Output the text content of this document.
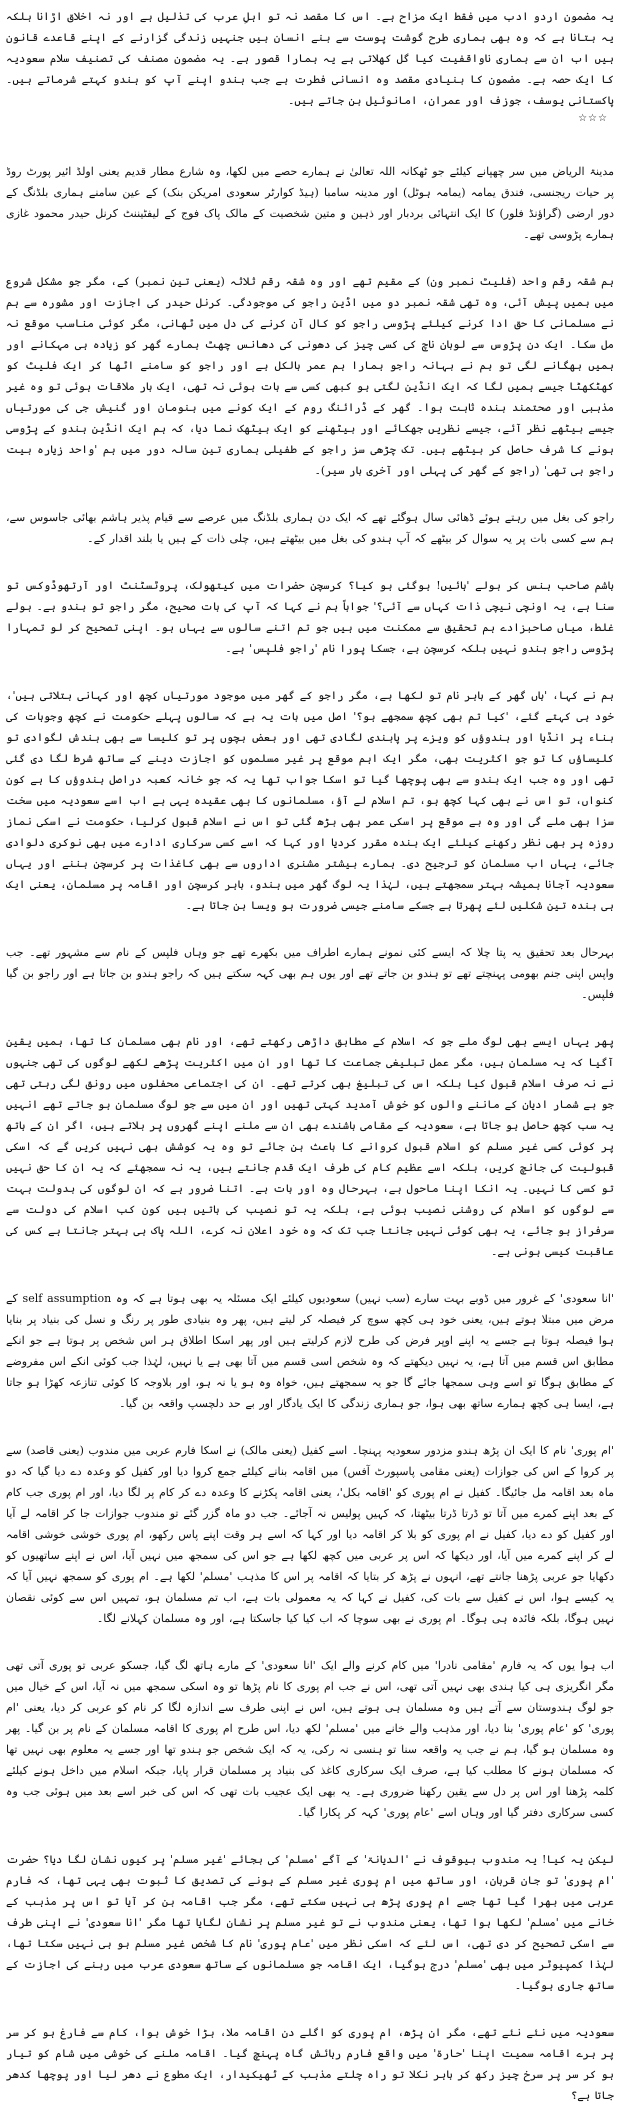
یہ مضمون اردو ادب میں فقط ایک مزاح ہے۔ اس کا مقصد نہ تو اہلِ عرب کی تذلیل ہے اور نہ اخلاق اڑانا بلکہ یہ بتانا ہے کہ وہ بھی ہماری طرح گوشت پوست سے بنے انسان ہیں جنہیں زندگی گزارنے کے اپنے قاعدے قانون ہیں اب ان سے ہماری ناواقفیت کیا گل کھلاتی ہے یہ ہمارا قصور ہے۔ یہ مضمون مصنف کی تصنیف سلام سعودیہ کا ایک حصہ ہے۔ مضمون کا بنیادی مقصد وہ انسانی فطرت ہے جب ہندو اپنے آپ کو ہندو کہتے شرماتے ہیں۔ پاکستانی یوسف، جوزف اور عمران، امانوئیل بن جاتے ہیں۔

☆☆☆

مدینۃ الریاض میں سر چھپانے کیلئے جو ٹھکانہ اللہ تعالیٰ نے ہمارے حصے میں لکھا، وہ شارع مطار قدیم یعنی اولڈ ائیر پورٹ روڈ پر حیات ریجنسی، فندق یمامہ (یمامہ ہوٹل) اور مدینہ سامبا (ہیڈ کوارٹر سعودی امریکن بنک) کے عین سامنے ہماری بلڈنگ کے دور ارضی (گراؤنڈ فلور) کا ایک انتہائی بردبار اور ذہین و متین شخصیت کے مالک پاک فوج کے لیفٹیننٹ کرنل حیدر محمود غازی ہمارے پڑوسی تھے۔

ہم شقہ رقم واحد (فلیٹ نمبر ون) کے مقیم تھے اور وہ شقہ رقم ثلاثہ (یعنی تین نمبر) کے، مگر جو مشکل شروع میں ہمیں پیش آئی، وہ تھی شقہ نمبر دو میں اڈین راجو کی موجودگی۔ کرنل حیدر کی اجازت اور مشورہ سے ہم نے مسلمانی کا حق ادا کرنے کیلئے پڑوسی راجو کو کال آن کرنے کی دل میں ٹھانی، مگر کوئی مناسب موقع نہ مل سکا۔ ایک دن پڑوس سے لوبان ناچ کی کسی چیز کی دھونی کی دھانس چھٹ ہمارے گھر کو زیادہ ہی مہکانے اور ہمیں بھگانے لگی تو ہم نے بہانہ راجو ہمارا ہم عمر بالکل ہے اور راجو کو سامنے اٹھا کر ایک فلیٹ کو کھٹکھٹا جیسے ہمیں لگا کہ ایک انڈین لگتی ہو کبھی کسی سے بات ہوئی نہ تھی، ایک بار ملاقات ہوئی تو وہ غیر مذہبی اور صحتمند بندہ ثابت ہوا۔ گھر کے ڈرائنگ روم کے ایک کونے میں ہنومان اور گنیش جی کی مورتیاں جیسے بیٹھے نظر آئے، جیسے نظریں جھکائے اور بیٹھنے کو ایک بیٹھک نما دیا، کہ ہم ایک انڈین ہندو کے پڑوسی ہونے کا شرف حاصل کر بیٹھے ہیں۔ تک چڑھی سز راجو کے طفیلی ہماری تین سالہ دور میں ہم 'واحد زیارہ بیت راجو ہی تھی' (راجو کے گھر کی پہلی اور آخری بار سیر)۔

راجو کی بغل میں رہتے ہوئے ڈھائی سال ہوگئے تھے کہ ایک دن ہماری بلڈنگ میں عرصے سے قیام پذیر ہاشم بھائی جاسوس سے، ہم سے کسی بات پر یہ سوال کر بیٹھے کہ آپ ہندو کی بغل میں بیٹھتے ہیں، چلی ذات کے ہیں یا بلند اقدار کے۔

ہاشم صاحب ہنس کر بولے 'ہائیں! ہوگئی ہو کیا؟ کرسچن حضرات میں کیتھولک، پروٹسٹنٹ اور آرتھوڈوکس تو سنا ہے، یہ اونچی نیچی ذات کہاں سے آئی؟' جواباً ہم نے کہا کہ آپ کی بات صحیح، مگر راجو تو ہندو ہے۔ بولے غلط، میاں صاحبزادے ہم تحقیق سے ممکنت میں ہیں جو تم اتنے سالوں سے یہاں ہو۔ اپنی تصحیح کر لو تمہارا پڑوسی راجو ہندو نہیں بلکہ کرسچن ہے، جسکا پورا نام 'راجو فلپس' ہے۔

ہم نے کہا، 'ہاں گھر کے باہر نام تو لکھا ہے، مگر راجو کے گھر میں موجود مورتیاں کچھ اور کہانی بتلاتی ہیں'، خود ہی کہتے گئے، 'کیا تم بھی کچھ سمجھے ہو؟' اصل میں بات یہ ہے کہ سالوں پہلے حکومت نے کچھ وجوہات کی بناء پر انڈیا اور ہندوؤں کو ویزے پر پابندی لگادی تھی اور بعض بچوں پر تو کلیسا سے بھی بندش لگوادی تو کلیساؤں کا تو جو اکثریت بھی، مگر ایک اہم موقع پر غیر مسلموں کو اجازت دینے کے ساتھ شرط لگا دی گئی تھی اور وہ جب ایک ہندو سے بھی پوچھا گیا تو اسکا جواب تھا یہ کہ جو خانہ کعبہ دراصل ہندوؤں کا ہے کون کنواں، تو اس نے بھی کہا کچھ ہو، تم اسلام لے آؤ، مسلمانوں کا بھی عقیدہ یہی ہے اب اسے سعودیہ میں سخت سزا بھی ملے گی اور وہ بے موقع پر اسکی عمر بھی بڑھ گئی تو اس نے اسلام قبول کرلیا، حکومت نے اسکی نماز روزہ پر بھی نظر رکھنے کیلئے ایک بندہ مقرر کردیا اور کہا کہ اسے کسی سرکاری ادارے میں بھی نوکری دلوادی جائے، یہاں اب مسلمان کو ترجیح دی۔ ہمارے بیشتر مشنری اداروں سے بھی کاغذات پر کرسچن بننے اور یہاں سعودیہ آجانا ہمیشہ بہتر سمجھتے ہیں، لہٰذا یہ لوگ گھر میں ہندو، باہر کرسچن اور اقامہ پر مسلمان، یعنی ایک ہی بندہ تین شکلیں لئے پھرتا ہے جسکے سامنے جیسی ضرورت ہو ویسا بن جاتا ہے۔

بہرحال بعد تحقیق یہ پتا چلا کہ ایسے کئی نمونے ہمارے اطراف میں بکھرے تھے جو وہاں فلپس کے نام سے مشہور تھے۔ جب واپس اپنی جنم بھومی پہنچتے تھے تو ہندو بن جاتے تھے اور یوں ہم بھی کہہ سکتے ہیں کہ راجو ہندو بن جاتا ہے اور راجو بن گیا فلپس۔

پھر یہاں ایسے بھی لوگ ملے جو کہ اسلام کے مطابق داڑھی رکھتے تھے، اور نام بھی مسلمان کا تھا، ہمیں یقین آگیا کہ یہ مسلمان ہیں، مگر عمل تبلیغی جماعت کا تھا اور ان میں اکثریت پڑھے لکھے لوگوں کی تھی جنہوں نے نہ صرف اسلام قبول کیا بلکہ اس کی تبلیغ بھی کرتے تھے۔ ان کی اجتماعی محفلوں میں رونق لگی رہتی تھی جو بے شمار ادیان کے ماننے والوں کو خوش آمدید کہتی تھیں اور ان میں سے جو لوگ مسلمان ہو جاتے تھے انہیں یہ سب کچھ حاصل ہو جاتا ہے، سعودیہ کے مقامی باشندے بھی ان سے ملنے اپنے گھروں پر بلاتے ہیں، اگر ان کے ہاتھ پر کوئی کسی غیر مسلم کو اسلام قبول کروانے کا باعث بن جائے تو وہ یہ کوشش بھی نہیں کریں گے کہ اسکی قبولیت کی جانچ کریں، بلکہ اسے عظیم کام کی طرف ایک قدم جانتے ہیں، یہ نہ سمجھئے کہ یہ ان کا حق نہیں تو کسی کا نہیں۔ یہ انکا اپنا ماحول ہے، بہرحال وہ اور بات ہے۔ اتنا ضرور ہے کہ ان لوگوں کی بدولت بہت سے لوگوں کو اسلام کی روشنی نصیب ہوئی ہے، بلکہ یہ تو نصیب کی باتیں ہیں کون کب اسلام کی دولت سے سرفراز ہو جائے، یہ بھی کوئی نہیں جانتا جب تک کہ وہ خود اعلان نہ کرے، اللہ پاک ہی بہتر جانتا ہے کس کی عاقبت کیسی ہونی ہے۔

'انا سعودی' کے غرور میں ڈوبے بہت سارے (سب نہیں) سعودیوں کیلئے ایک مسئلہ یہ بھی ہوتا ہے کہ وہ self assumption کے مرض میں مبتلا ہوتے ہیں، یعنی خود ہی کچھ سوچ کر فیصلہ کر لیتے ہیں، پھر وہ بنیادی طور پر رنگ و نسل کی بنیاد پر بنایا ہوا فیصلہ ہوتا ہے جسے یہ اپنے اوپر فرض کی طرح لازم کرلیتے ہیں اور پھر اسکا اطلاق ہر اس شخص پر ہوتا ہے جو انکے مطابق اس قسم میں آتا ہے، یہ نہیں دیکھتے کہ وہ شخص اسی قسم میں آتا بھی ہے یا نہیں، لہٰذا جب کوئی انکے اس مفروضے کے مطابق ہوگا تو اسے وہی سمجھا جائے گا جو یہ سمجھتے ہیں، خواہ وہ ہو یا نہ ہو، اور بلاوجہ کا کوئی تنازعہ کھڑا ہو جاتا ہے، ایسا ہی کچھ ہمارے ساتھ بھی ہوا، جو ہماری زندگی کا ایک یادگار اور بے حد دلچسپ واقعہ بن گیا۔

'ام پوری' نام کا ایک ان پڑھ ہندو مزدور سعودیہ پہنچا۔ اسے کفیل (یعنی مالک) نے اسکا فارم عربی میں مندوب (یعنی قاصد) سے پر کروا کے اس کی جوازات (یعنی مقامی پاسپورٹ آفس) میں اقامہ بنانے کیلئے جمع کروا دیا اور کفیل کو وعدہ دے دیا گیا کہ دو ماہ بعد اقامہ مل جائیگا۔ کفیل نے ام پوری کو 'اقامہ بکل'، یعنی اقامہ پکڑنے کا وعدہ دے کر کام پر لگا دیا، اور ام پوری جب کام کے بعد اپنے کمرے میں آتا تو ڈرتا ڈرتا بیٹھتا، کہ کہیں پولیس نہ آجائے۔ جب دو ماہ گزر گئے تو مندوب جوازات جا کر اقامہ لے آیا اور کفیل کو دے دیا، کفیل نے ام پوری کو بلا کر اقامہ دیا اور کہا کہ اسے ہر وقت اپنے پاس رکھو، ام پوری خوشی خوشی اقامہ لے کر اپنے کمرے میں آیا، اور دیکھا کہ اس پر عربی میں کچھ لکھا ہے جو اس کی سمجھ میں نہیں آیا، اس نے اپنے ساتھیوں کو دکھایا جو عربی پڑھنا جانتے تھے، انہوں نے پڑھ کر بتایا کہ اقامہ پر اس کا مذہب 'مسلم' لکھا ہے۔ ام پوری کو سمجھ نہیں آیا کہ یہ کیسے ہوا، اس نے کفیل سے بات کی، کفیل نے کہا کہ یہ معمولی بات ہے، اب تم مسلمان ہو، تمہیں اس سے کوئی نقصان نہیں ہوگا، بلکہ فائدہ ہی ہوگا۔ ام پوری نے بھی سوچا کہ اب کیا کیا جاسکتا ہے، اور وہ مسلمان کہلانے لگا۔

اب ہوا یوں کہ یہ فارم 'مقامی نادرا' میں کام کرنے والے ایک 'انا سعودی' کے مارے ہاتھ لگ گیا، جسکو عربی تو پوری آتی تھی مگر انگریزی ہی کیا ہندی بھی نہیں آتی تھی، اس نے جب ام پوری کا نام پڑھا تو وہ اسکی سمجھ میں نہ آیا، اس کے خیال میں جو لوگ ہندوستان سے آتے ہیں وہ مسلمان ہی ہوتے ہیں، اس نے اپنی طرف سے اندازہ لگا کر نام کو عربی کر دیا، یعنی 'ام پوری' کو 'عام پوری' بنا دیا، اور مذہب والے خانے میں 'مسلم' لکھ دیا، اس طرح ام پوری کا اقامہ مسلمان کے نام پر بن گیا۔ پھر وہ مسلمان ہو گیا، ہم نے جب یہ واقعہ سنا تو ہنسی نہ رکی، یہ کہ ایک شخص جو ہندو تھا اور جسے یہ معلوم بھی نہیں تھا کہ مسلمان ہونے کا مطلب کیا ہے، صرف ایک سرکاری کاغذ کی بنیاد پر مسلمان قرار پایا، جبکہ اسلام میں داخل ہونے کیلئے کلمہ پڑھنا اور اس پر دل سے یقین رکھنا ضروری ہے۔ یہ بھی ایک عجیب بات تھی کہ اس کی خبر اسے بعد میں ہوئی جب وہ کسی سرکاری دفتر گیا اور وہاں اسے 'عام پوری' کہہ کر پکارا گیا۔

لیکن یہ کیا! یہ مندوب بیوقوف نے 'الدیانۃ' کے آگے 'مسلم' کی بجائے 'غیر مسلم' پر کیوں نشان لگا دیا؟ حضرت 'ام پوری' تو جان قربان، اور ساتھ میں ام پوری غیر مسلم کے ہونے کی تصدیق کا ثبوت بھی یہی تھا، کہ فارم عربی میں بھرا گیا تھا جسے ام پوری پڑھ ہی نہیں سکتے تھے، مگر جب اقامہ بن کر آیا تو اس پر مذہب کے خانے میں 'مسلم' لکھا ہوا تھا، یعنی مندوب نے تو غیر مسلم پر نشان لگایا تھا مگر 'انا سعودی' نے اپنی طرف سے اسکی تصحیح کر دی تھی، اس لئے کہ اسکی نظر میں 'عام پوری' نام کا شخص غیر مسلم ہو ہی نہیں سکتا تھا، لہٰذا کمپیوٹر میں بھی 'مسلم' درج ہوگیا، ایک اقامہ جو مسلمانوں کے ساتھ سعودی عرب میں رہنے کی اجازت کے ساتھ جاری ہوگیا۔

سعودیہ میں نئے نئے تھے، مگر ان پڑھ، ام پوری کو اگلے دن اقامہ ملا، بڑا خوش ہوا، کام سے فارغ ہو کر سر پر ہرے اقامہ سمیت اپنا 'حارۃ' میں واقع فارم رہائش گاہ پہنچ گیا۔ اقامہ ملنے کی خوشی میں شام کو تیار ہو کر سر پر سرخ چیز رکھ کر باہر نکلا تو راہ چلتے مذہب کے ٹھیکیدار، ایک مطوع نے دھر لیا اور پوچھا کدھر جاتا ہے؟
